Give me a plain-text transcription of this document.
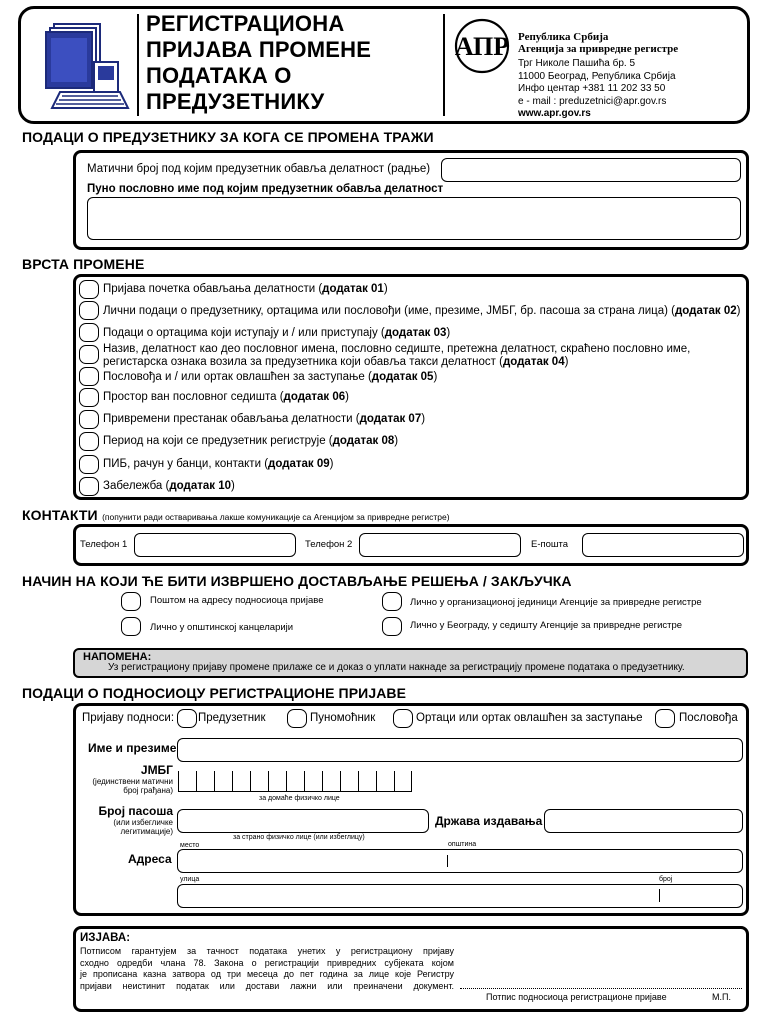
РЕГИСТРАЦИОНА
ПРИЈАВА ПРОМЕНЕ
ПОДАТАКА О
ПРЕДУЗЕТНИКУ
АПР Република Србија
Агенција за привредне регистре
Трг Николе Пашића бр. 5
11000 Београд, Република Србија
Инфо центар +381 11 202 33 50
e - mail : preduzetnici@apr.gov.rs
www.apr.gov.rs
ПОДАЦИ О ПРЕДУЗЕТНИКУ ЗА КОГА СЕ ПРОМЕНА ТРАЖИ
Матични број под којим предузетник обавља делатност (радње)
Пуно пословно име под којим предузетник обавља делатност
ВРСТА ПРОМЕНЕ
Пријава почетка обављања делатности (додатак 01)
Лични подаци о предузетнику, ортацима или пословођи (име, презиме, ЈМБГ, бр. пасоша за страна лица) (додатак 02)
Подаци о ортацима који иступају и / или приступају (додатак 03)
Назив, делатност као део пословног имена, пословно седиште, претежна делатност, скраћено пословно име,
регистарска ознака возила за предузетника који обавља такси делатност (додатак 04)
Пословођа и / или ортак овлашћен за заступање (додатак 05)
Простор ван пословног седишта (додатак 06)
Привремени престанак обављања делатности (додатак 07)
Период на који се предузетник региструје (додатак 08)
ПИБ, рачун у банци, контакти (додатак 09)
Забележба (додатак 10)
КОНТАКТИ (попунити ради остваривања лакше комуникације са Агенцијом за привредне регистре)
Телефон 1	Телефон 2	Е-пошта
НАЧИН НА КОЈИ ЋЕ БИТИ ИЗВРШЕНО ДОСТАВЉАЊЕ РЕШЕЊА / ЗАКЉУЧКА
Поштом на адресу подносиоца пријаве	Лично у организационој јединици Агенције за привредне регистре
Лично у општинској канцеларији	Лично у Београду, у седишту Агенције за привредне регистре
НАПОМЕНА:
Уз регистрациону пријаву промене прилаже се и доказ о уплати накнаде за регистрацију промене података о предузетнику.
ПОДАЦИ О ПОДНОСИОЦУ РЕГИСТРАЦИОНЕ ПРИЈАВЕ
Пријаву подноси: Предузетник	Пуномоћник	Ортаци или ортак овлашћен за заступање	Пословођа
Име и презиме
ЈМБГ
(јединствени матични
број грађана)
за домаће физичко лице
Број пасоша
(или избегличке
легитимације)
за страно физичко лице (или избеглицу)
Држава издавања
место	општина
Адреса
улица	број
ИЗЈАВА:
Потписом гарантујем за тачност података унетих у регистрациону пријаву
сходно одредби члана 78. Закона о регистрацији привредних субјеката којом
је прописана казна затвора од три месеца до пет година за лице које Регистру
пријави неистинит податак или достави лажни или преиначени документ.
Потпис подносиоца регистрационе пријаве	М.П.
